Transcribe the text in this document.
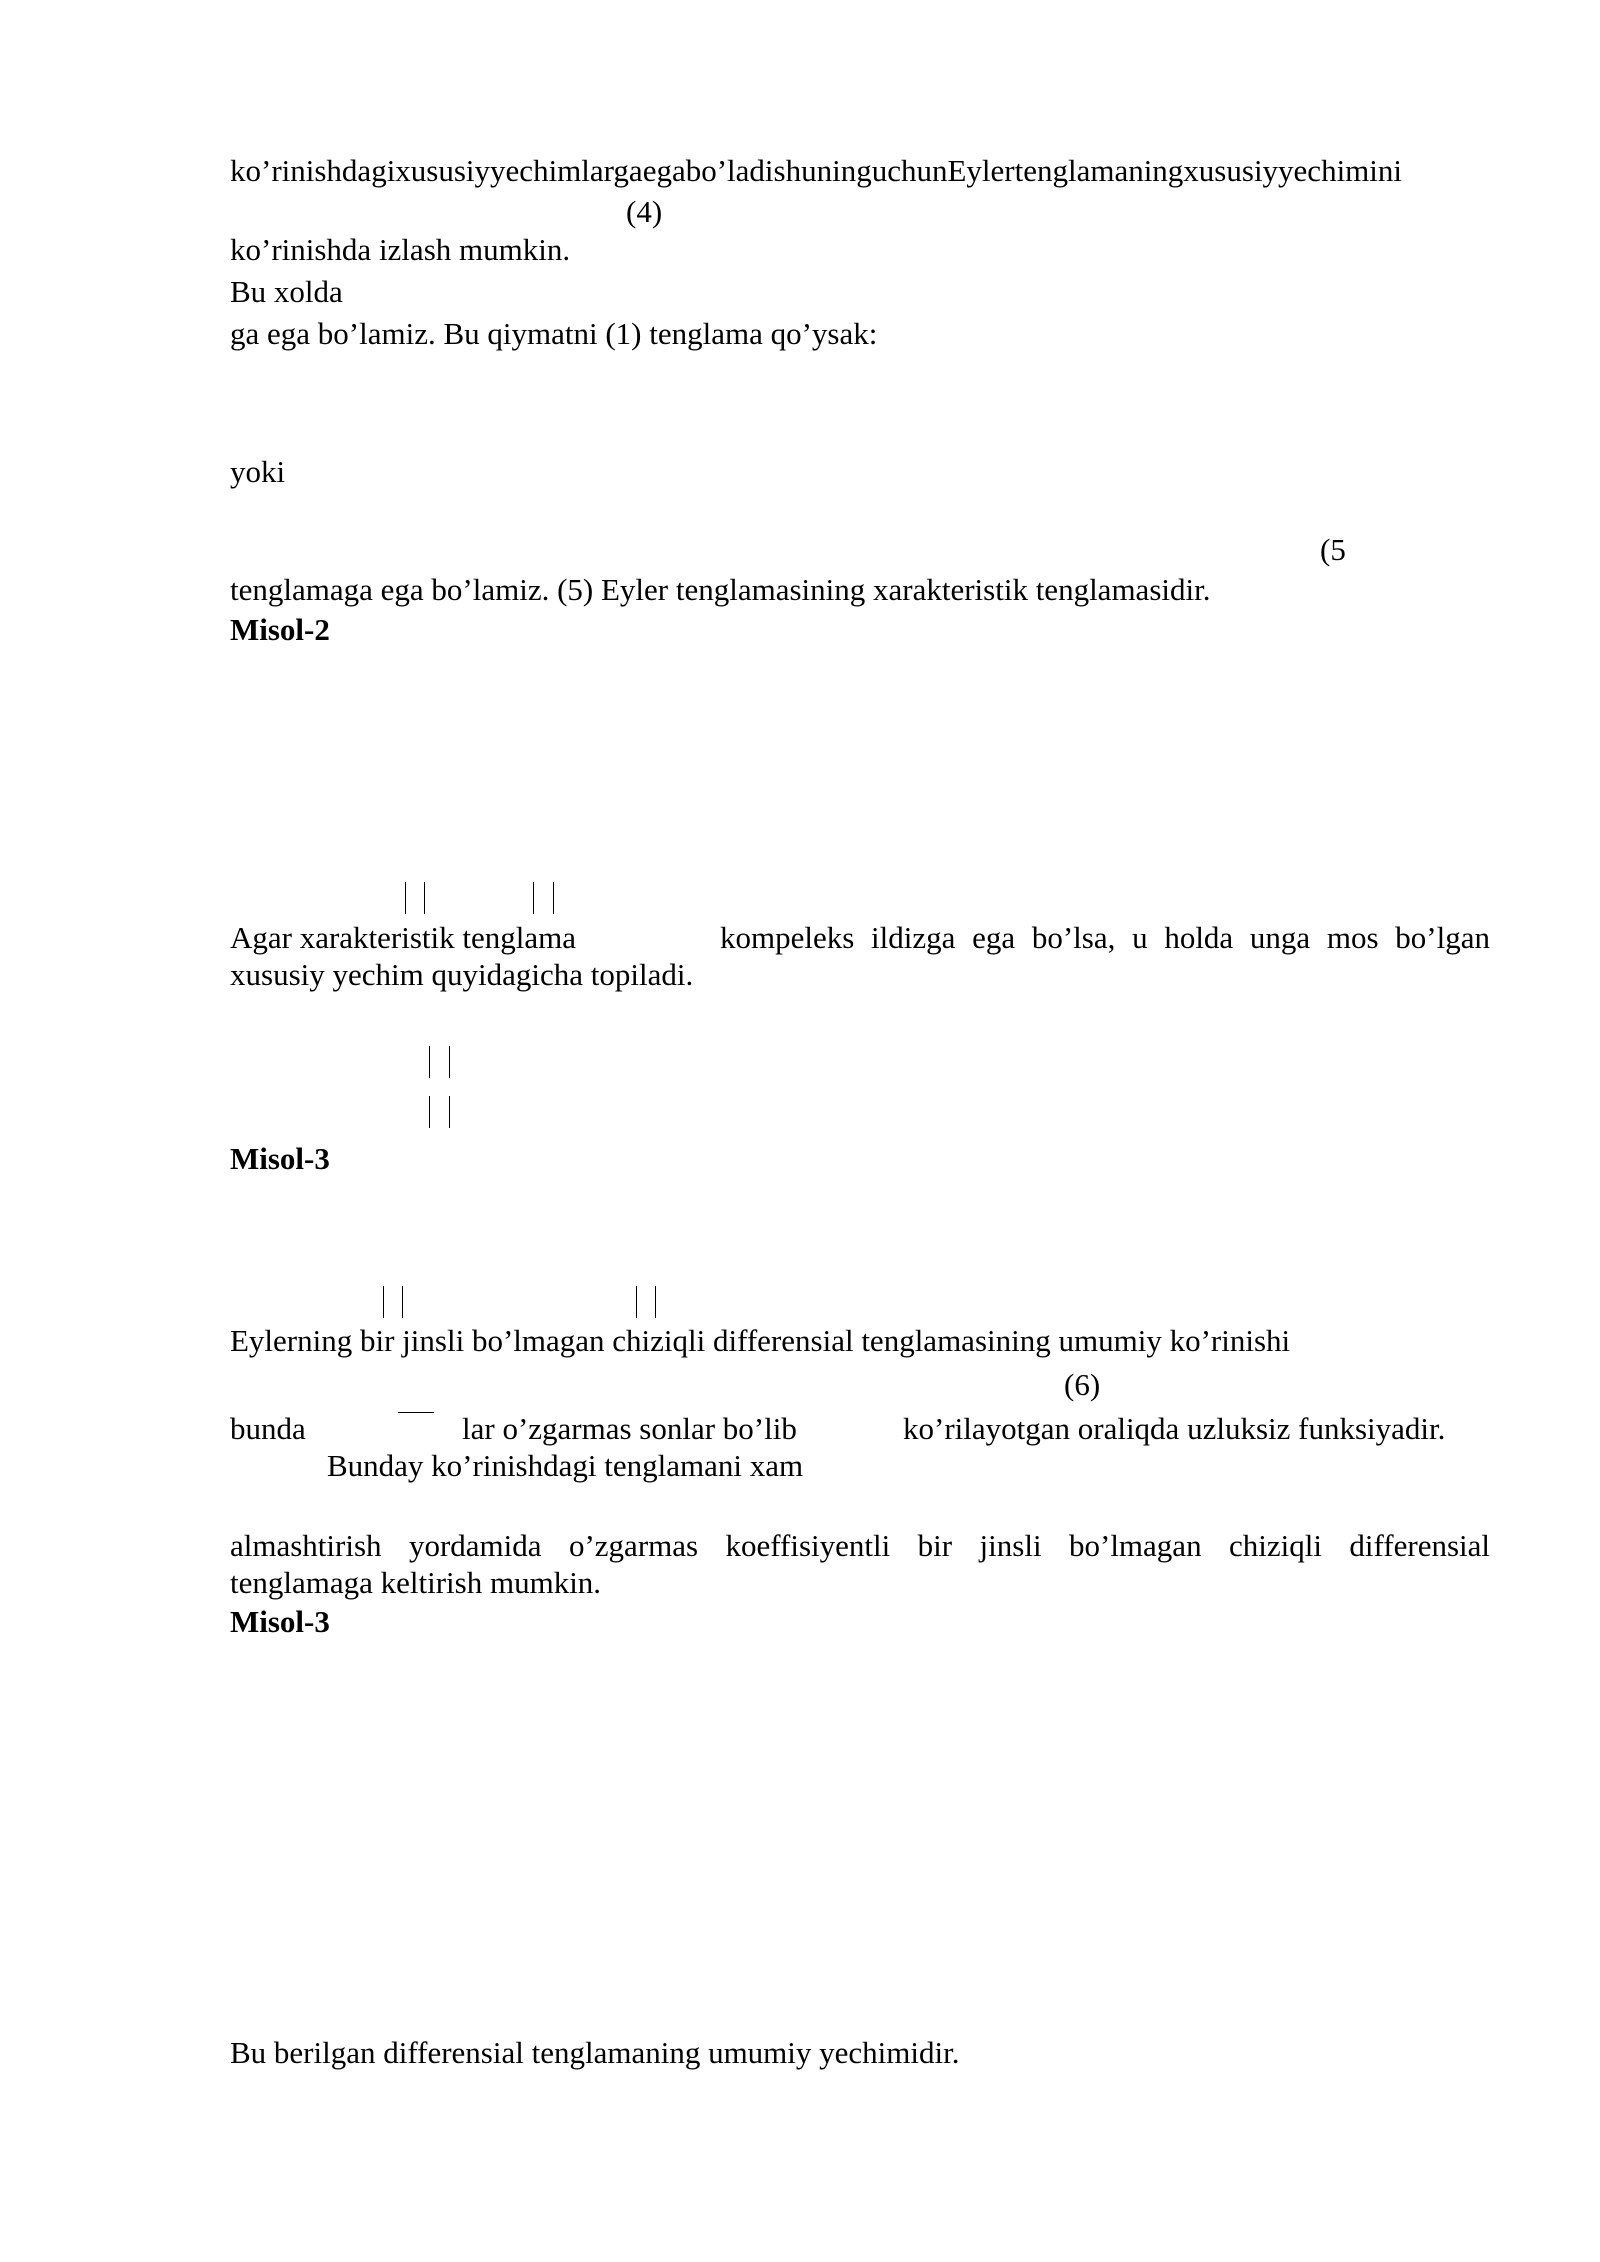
ko’rinishdagixususiyyechimlargaegabo’ladishuninguchunEylertenglamaningxususiyyechimini
(4)
ko’rinishda izlash mumkin.
Bu xolda
ga ega bo’lamiz. Bu qiymatni (1) tenglama qo’ysak:
yoki
(5
tenglamaga ega bo’lamiz. (5) Eyler tenglamasining xarakteristik tenglamasidir.
Misol-2
Agar xarakteristik tenglama	kompeleks ildizga ega bo’lsa, u holda unga mos bo’lgan
xususiy yechim quyidagicha topiladi.
Misol-3
Eylerning bir jinsli bo’lmagan chiziqli differensial tenglamasining umumiy ko’rinishi
(6)
bunda	lar o’zgarmas sonlar bo’lib	ko’rilayotgan oraliqda uzluksiz funksiyadir.
Bunday ko’rinishdagi tenglamani xam
almashtirish yordamida o’zgarmas koeffisiyentli bir jinsli bo’lmagan chiziqli differensial
tenglamaga keltirish mumkin.
Misol-3
Bu berilgan differensial tenglamaning umumiy yechimidir.
